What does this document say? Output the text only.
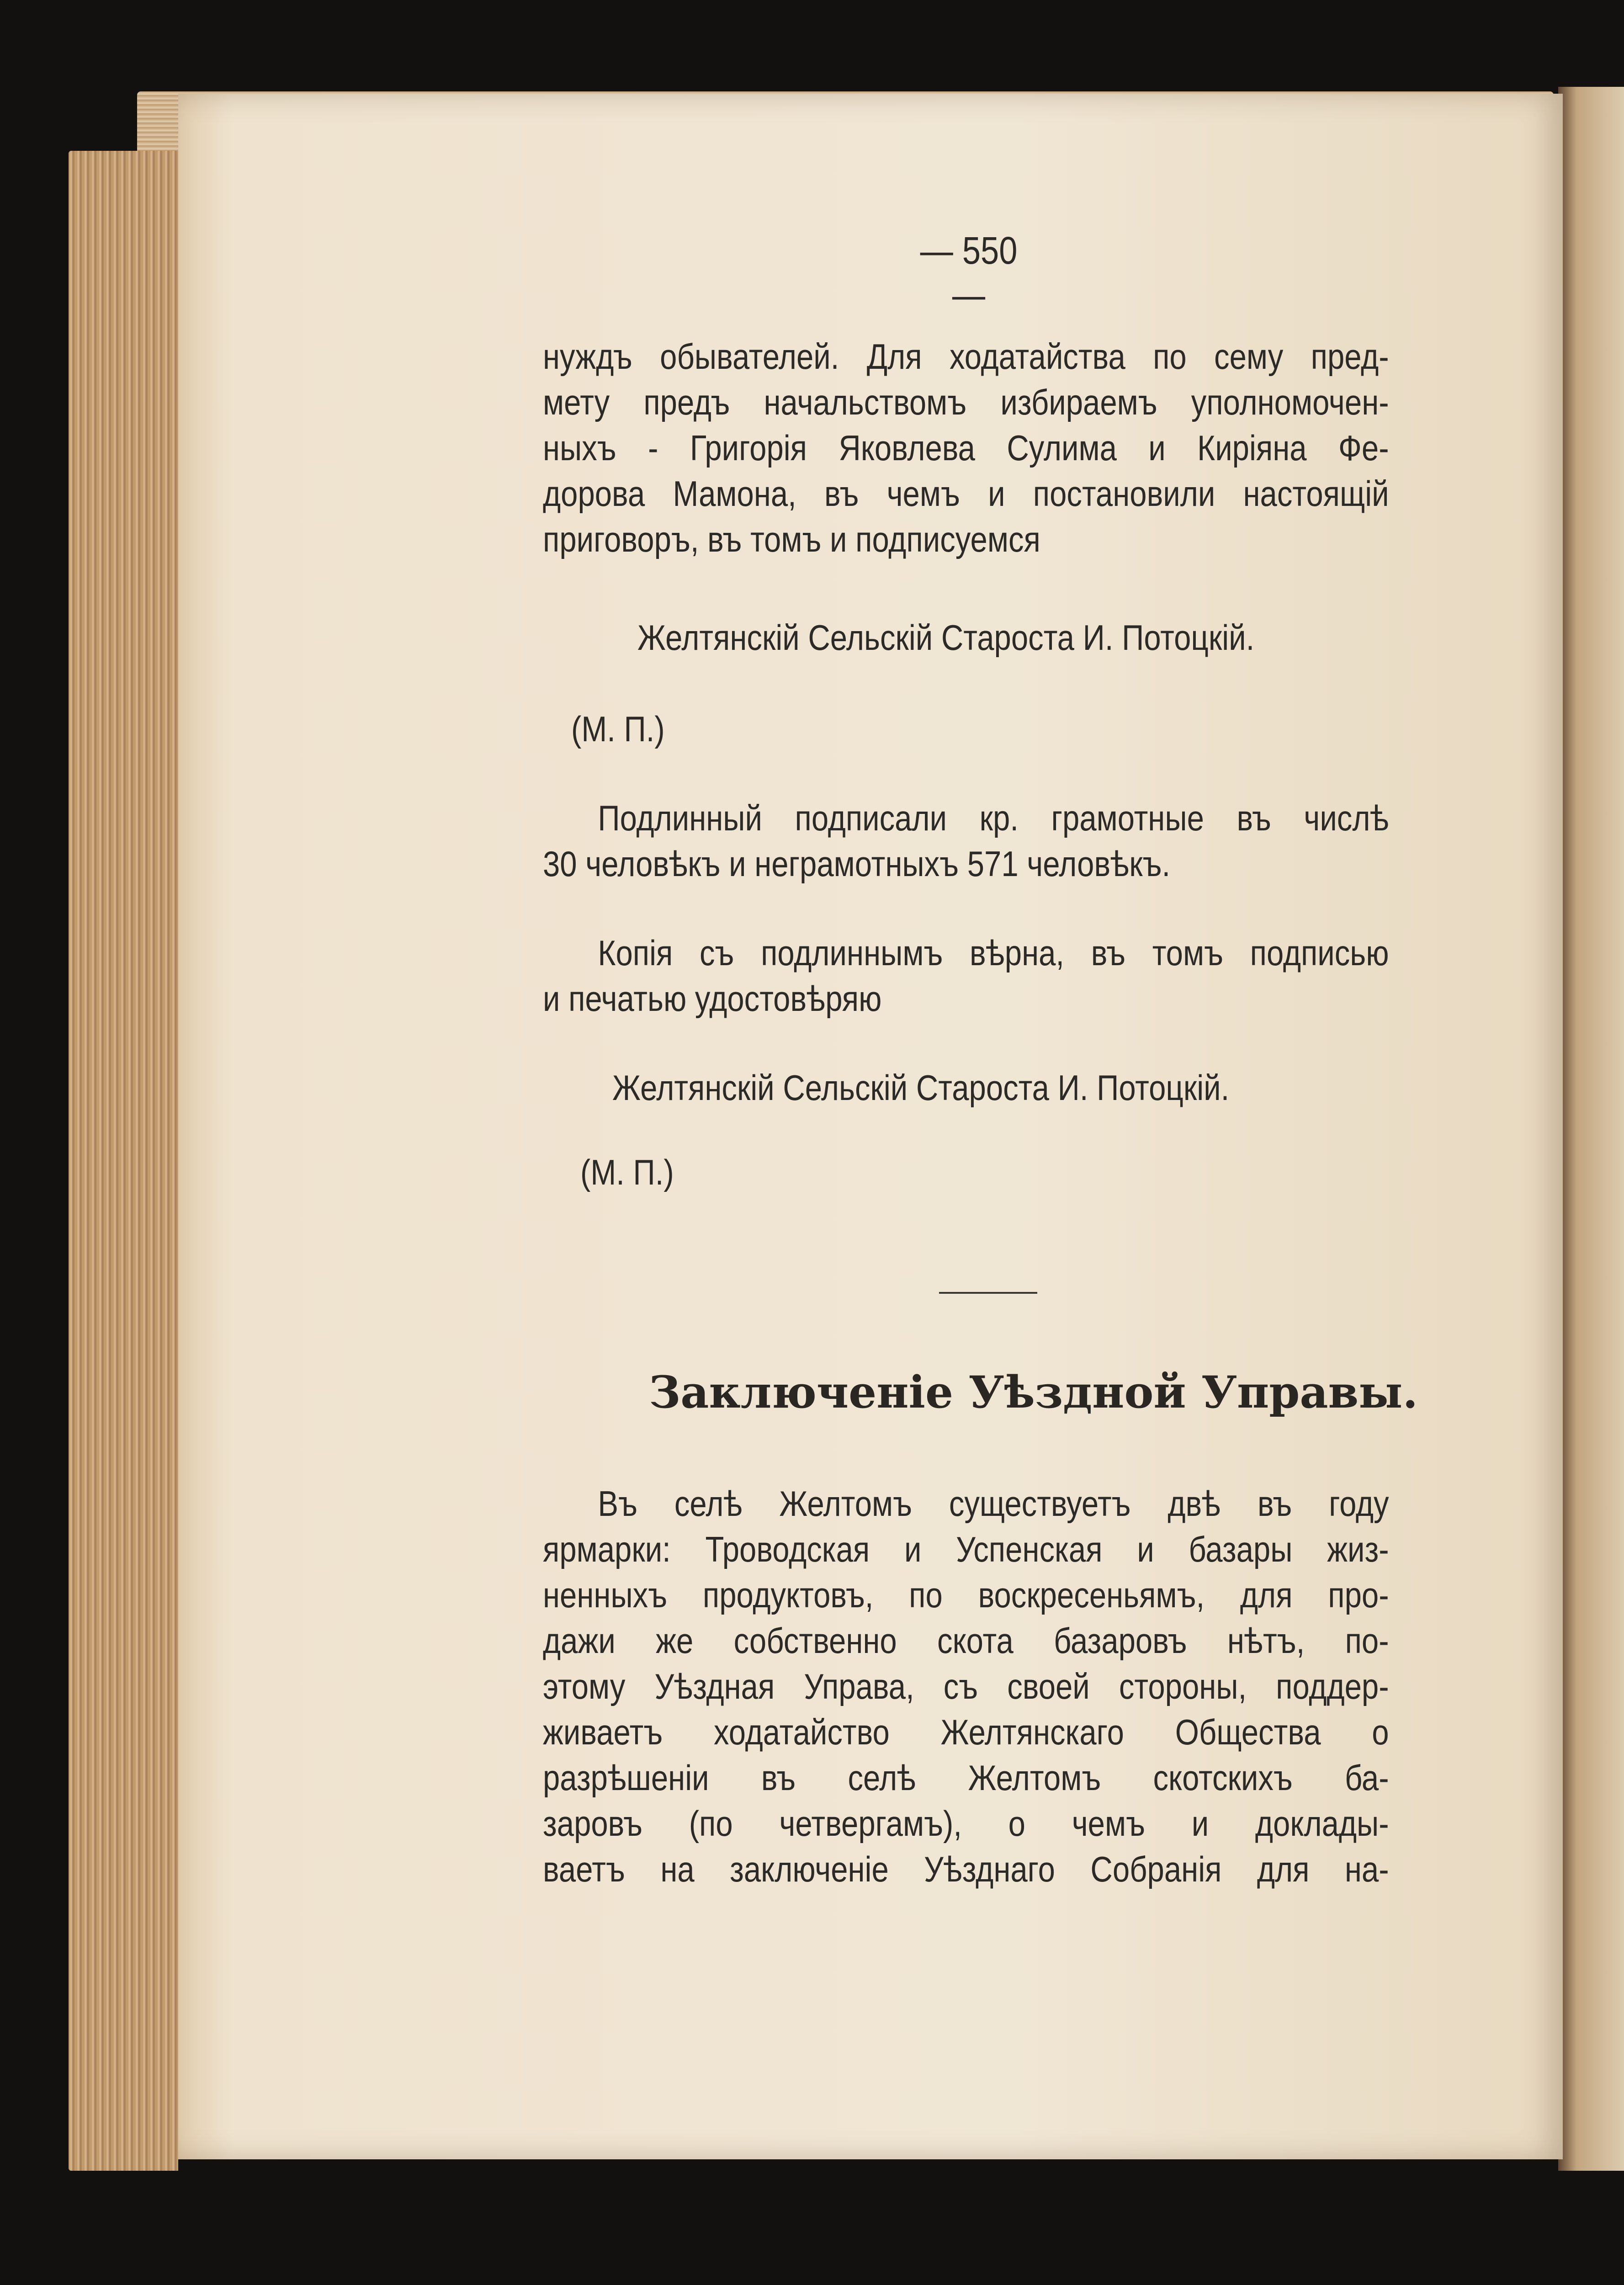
— 550 —
нуждъ обывателей. Для ходатайства по сему пред-
мету предъ начальствомъ избираемъ уполномочен-
ныхъ - Григорія Яковлева Сулима и Киріяна Фе-
дорова Мамона, въ чемъ и постановили настоящій
приговоръ, въ томъ и подписуемся
Желтянскій Сельскій Староста И. Потоцкій.
(М. П.)
Подлинный подписали кр. грамотные въ числѣ
30 человѣкъ и неграмотныхъ 571 человѣкъ.
Копія съ подлиннымъ вѣрна, въ томъ подписью
и печатью удостовѣряю
Желтянскій Сельскій Староста И. Потоцкій.
(М. П.)
Заключеніе Уѣздной Управы.
Въ селѣ Желтомъ существуетъ двѣ въ году
ярмарки: Троводская и Успенская и базары жиз-
ненныхъ продуктовъ, по воскресеньямъ, для про-
дажи же собственно скота базаровъ нѣтъ, по-
этому Уѣздная Управа, съ своей стороны, поддер-
живаетъ ходатайство Желтянскаго Общества о
разрѣшеніи въ селѣ Желтомъ скотскихъ ба-
заровъ (по четвергамъ), о чемъ и доклады-
ваетъ на заключеніе Уѣзднаго Собранія для на-
